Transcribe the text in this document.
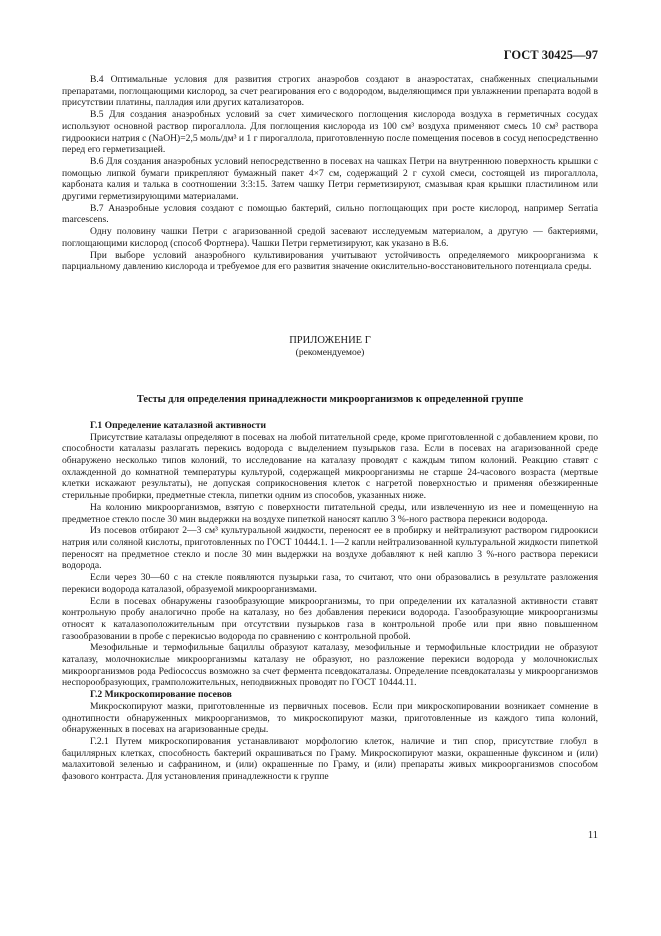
ГОСТ 30425—97

В.4 Оптимальные условия для развития строгих анаэробов создают в анаэростатах, снабженных специальными препаратами, поглощающими кислород, за счет реагирования его с водородом, выделяющимся при увлажнении препарата водой в присутствии платины, палладия или других катализаторов.

В.5 Для создания анаэробных условий за счет химического поглощения кислорода воздуха в герметичных сосудах используют основной раствор пирогаллола. Для поглощения кислорода из 100 см³ воздуха применяют смесь 10 см³ раствора гидроокиси натрия c (NaOH)=2,5 моль/дм³ и 1 г пирогаллола, приготовленную после помещения посевов в сосуд непосредственно перед его герметизацией.

В.6 Для создания анаэробных условий непосредственно в посевах на чашках Петри на внутреннюю поверхность крышки с помощью липкой бумаги прикрепляют бумажный пакет 4×7 см, содержащий 2 г сухой смеси, состоящей из пирогаллола, карбоната калия и талька в соотношении 3:3:15. Затем чашку Петри герметизируют, смазывая края крышки пластилином или другими герметизирующими материалами.

В.7 Анаэробные условия создают с помощью бактерий, сильно поглощающих при росте кислород, например Serratia marcescens.

Одну половину чашки Петри с агаризованной средой засевают исследуемым материалом, а другую — бактериями, поглощающими кислород (способ Фортнера). Чашки Петри герметизируют, как указано в В.6.

При выборе условий анаэробного культивирования учитывают устойчивость определяемого микроорганизма к парциальному давлению кислорода и требуемое для его развития значение окислительно-восстановительного потенциала среды.

ПРИЛОЖЕНИЕ Г
(рекомендуемое)
Тесты для определения принадлежности микроорганизмов к определенной группе
Г.1 Определение каталазной активности

Присутствие каталазы определяют в посевах на любой питательной среде, кроме приготовленной с добавлением крови, по способности каталазы разлагать перекись водорода с выделением пузырьков газа. Если в посевах на агаризованной среде обнаружено несколько типов колоний, то исследование на каталазу проводят с каждым типом колоний. Реакцию ставят с охлажденной до комнатной температуры культурой, содержащей микроорганизмы не старше 24-часового возраста (мертвые клетки искажают результаты), не допуская соприкосновения клеток с нагретой поверхностью и применяя обезжиренные стерильные пробирки, предметные стекла, пипетки одним из способов, указанных ниже.

На колонию микроорганизмов, взятую с поверхности питательной среды, или извлеченную из нее и помещенную на предметное стекло после 30 мин выдержки на воздухе пипеткой наносят каплю 3 %-ного раствора перекиси водорода.

Из посевов отбирают 2—3 см³ культуральной жидкости, переносят ее в пробирку и нейтрализуют раствором гидроокиси натрия или соляной кислоты, приготовленных по ГОСТ 10444.1. 1—2 капли нейтрализованной культуральной жидкости пипеткой переносят на предметное стекло и после 30 мин выдержки на воздухе добавляют к ней каплю 3 %-ного раствора перекиси водорода.

Если через 30—60 с на стекле появляются пузырьки газа, то считают, что они образовались в результате разложения перекиси водорода каталазой, образуемой микроорганизмами.

Если в посевах обнаружены газообразующие микроорганизмы, то при определении их каталазной активности ставят контрольную пробу аналогично пробе на каталазу, но без добавления перекиси водорода. Газообразующие микроорганизмы относят к каталазоположительным при отсутствии пузырьков газа в контрольной пробе или при явно повышенном газообразовании в пробе с перекисью водорода по сравнению с контрольной пробой.

Мезофильные и термофильные бациллы образуют каталазу, мезофильные и термофильные клостридии не образуют каталазу, молочнокислые микроорганизмы каталазу не образуют, но разложение перекиси водорода у молочнокислых микроорганизмов рода Pediococcus возможно за счет фермента псевдокаталазы. Определение псевдокаталазы у микроорганизмов неспорообразующих, грамположительных, неподвижных проводят по ГОСТ 10444.11.

Г.2 Микроскопирование посевов

Микроскопируют мазки, приготовленные из первичных посевов. Если при микроскопировании возникает сомнение в однотипности обнаруженных микроорганизмов, то микроскопируют мазки, приготовленные из каждого типа колоний, обнаруженных в посевах на агаризованные среды.

Г.2.1 Путем микроскопирования устанавливают морфологию клеток, наличие и тип спор, присутствие глобул в бациллярных клетках, способность бактерий окрашиваться по Граму. Микроскопируют мазки, окрашенные фуксином и (или) малахитовой зеленью и сафранином, и (или) окрашенные по Граму, и (или) препараты живых микроорганизмов способом фазового контраста. Для установления принадлежности к группе

11
